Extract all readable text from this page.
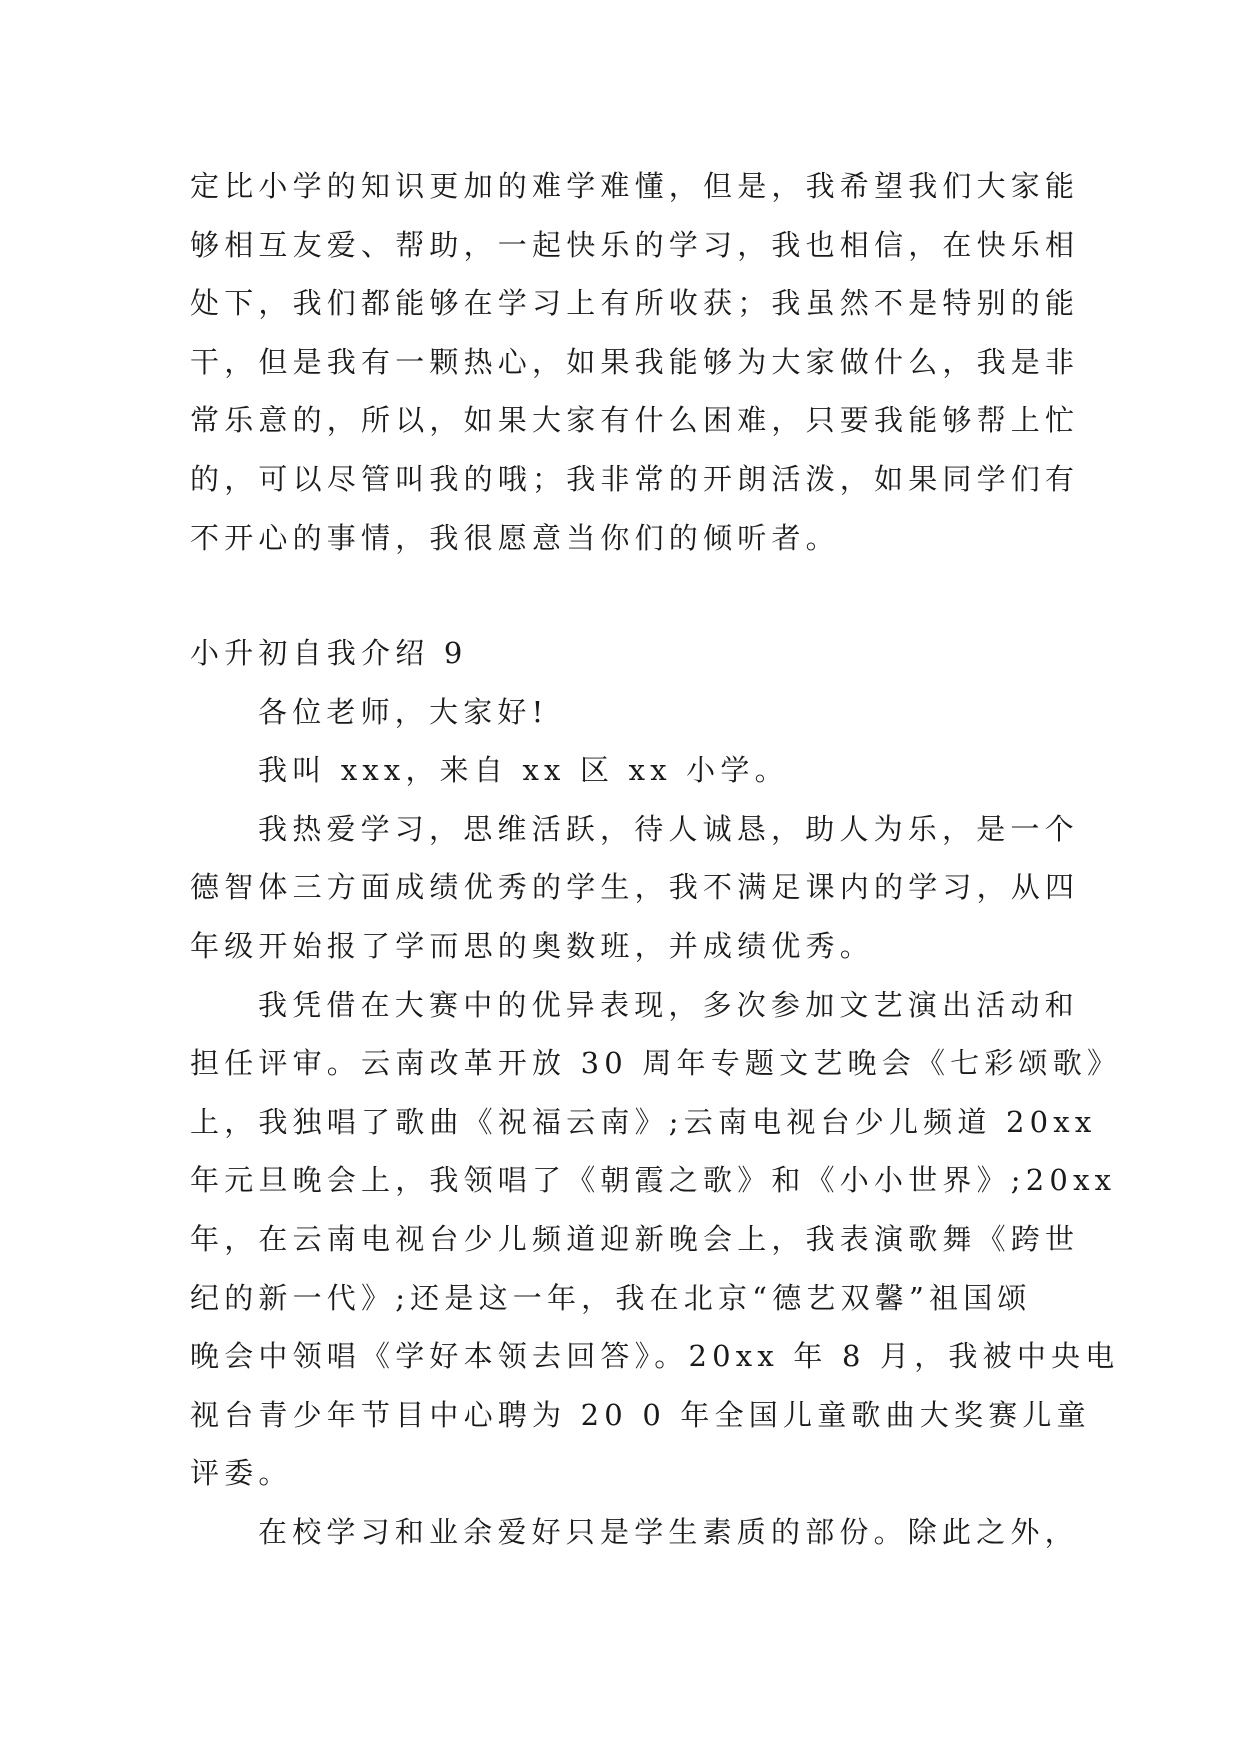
定比小学的知识更加的难学难懂，但是，我希望我们大家能
够相互友爱、帮助，一起快乐的学习，我也相信，在快乐相
处下，我们都能够在学习上有所收获；我虽然不是特别的能
干，但是我有一颗热心，如果我能够为大家做什么，我是非
常乐意的，所以，如果大家有什么困难，只要我能够帮上忙
的，可以尽管叫我的哦；我非常的开朗活泼，如果同学们有
不开心的事情，我很愿意当你们的倾听者。
小升初自我介绍 9
各位老师，大家好!
我叫 xxx，来自 xx 区 xx 小学。
我热爱学习，思维活跃，待人诚恳，助人为乐，是一个
德智体三方面成绩优秀的学生，我不满足课内的学习，从四
年级开始报了学而思的奥数班，并成绩优秀。
我凭借在大赛中的优异表现，多次参加文艺演出活动和
担任评审。云南改革开放 30 周年专题文艺晚会《七彩颂歌》
上，我独唱了歌曲《祝福云南》;云南电视台少儿频道 20xx
年元旦晚会上，我领唱了《朝霞之歌》和《小小世界》;20xx
年，在云南电视台少儿频道迎新晚会上，我表演歌舞《跨世
纪的新一代》;还是这一年，我在北京“德艺双馨”祖国颂
晚会中领唱《学好本领去回答》。20xx 年 8 月，我被中央电
视台青少年节目中心聘为 20 0 年全国儿童歌曲大奖赛儿童
评委。
在校学习和业余爱好只是学生素质的部份。除此之外，
